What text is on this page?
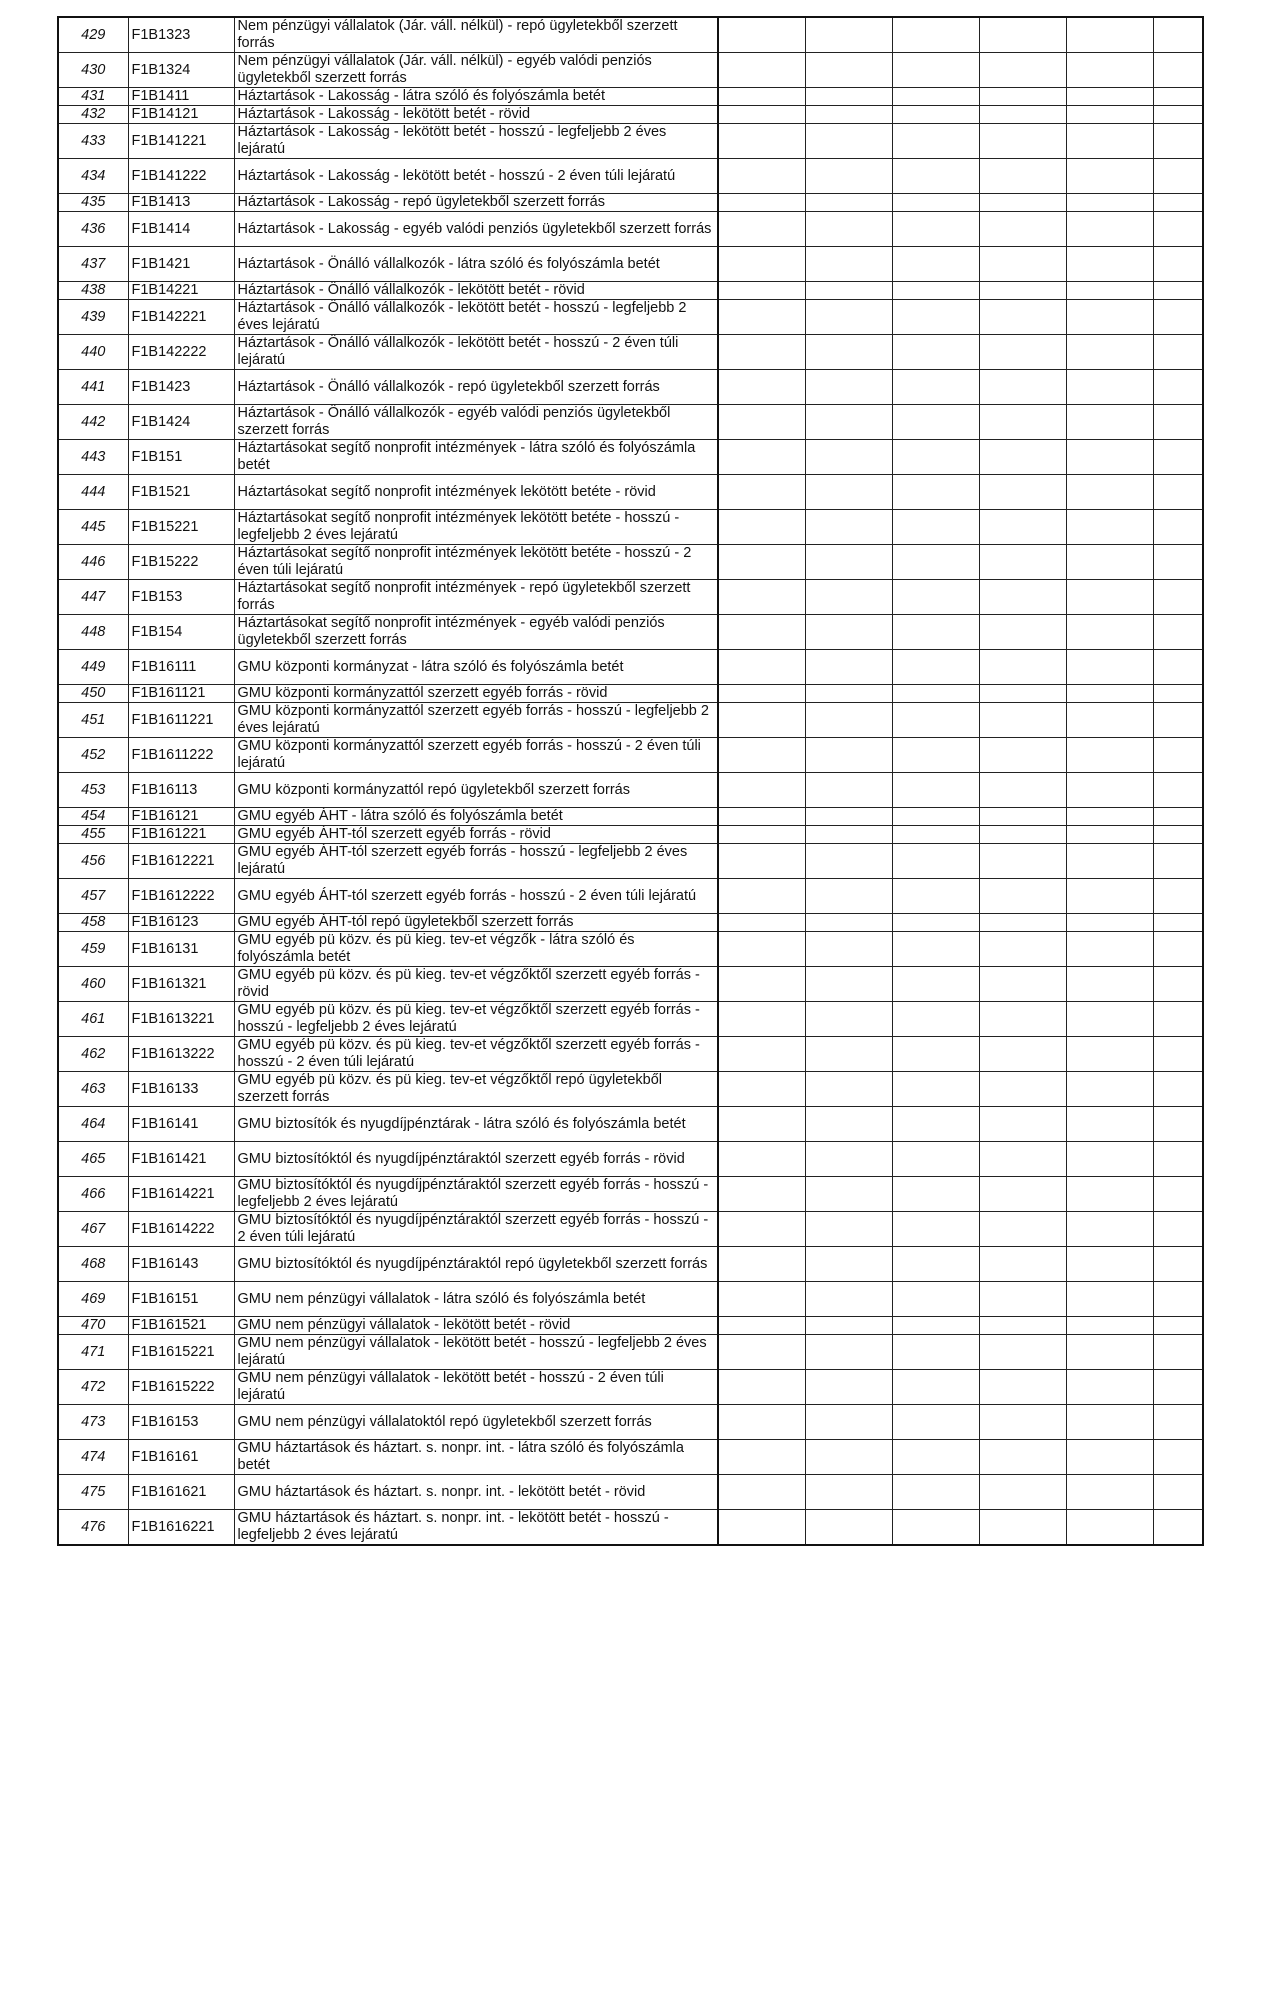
429	F1B1323	Nem pénzügyi vállalatok (Jár. váll. nélkül) - repó ügyletekből szerzett forrás						
430	F1B1324	Nem pénzügyi vállalatok (Jár. váll. nélkül) - egyéb valódi penziós ügyletekből szerzett forrás						
431	F1B1411	Háztartások - Lakosság - látra szóló és folyószámla betét						
432	F1B14121	Háztartások - Lakosság - lekötött betét - rövid						
433	F1B141221	Háztartások - Lakosság - lekötött betét - hosszú - legfeljebb 2 éves lejáratú						
434	F1B141222	Háztartások - Lakosság - lekötött betét - hosszú - 2 éven túli lejáratú						
435	F1B1413	Háztartások - Lakosság - repó ügyletekből szerzett forrás						
436	F1B1414	Háztartások - Lakosság - egyéb valódi penziós ügyletekből szerzett forrás						
437	F1B1421	Háztartások - Önálló vállalkozók - látra szóló és folyószámla betét						
438	F1B14221	Háztartások - Önálló vállalkozók - lekötött betét - rövid						
439	F1B142221	Háztartások - Önálló vállalkozók - lekötött betét - hosszú - legfeljebb 2 éves lejáratú						
440	F1B142222	Háztartások - Önálló vállalkozók - lekötött betét - hosszú - 2 éven túli lejáratú						
441	F1B1423	Háztartások - Önálló vállalkozók - repó ügyletekből szerzett forrás						
442	F1B1424	Háztartások - Önálló vállalkozók - egyéb valódi penziós ügyletekből szerzett forrás						
443	F1B151	Háztartásokat segítő nonprofit intézmények - látra szóló és folyószámla betét						
444	F1B1521	Háztartásokat segítő nonprofit intézmények lekötött betéte - rövid						
445	F1B15221	Háztartásokat segítő nonprofit intézmények lekötött betéte - hosszú - legfeljebb 2 éves lejáratú						
446	F1B15222	Háztartásokat segítő nonprofit intézmények lekötött betéte - hosszú - 2 éven túli lejáratú						
447	F1B153	Háztartásokat segítő nonprofit intézmények - repó ügyletekből szerzett forrás						
448	F1B154	Háztartásokat segítő nonprofit intézmények - egyéb valódi penziós ügyletekből szerzett forrás						
449	F1B16111	GMU központi kormányzat - látra szóló és folyószámla betét						
450	F1B161121	GMU központi kormányzattól szerzett egyéb forrás - rövid						
451	F1B1611221	GMU központi kormányzattól szerzett egyéb forrás - hosszú - legfeljebb 2 éves lejáratú						
452	F1B1611222	GMU központi kormányzattól szerzett egyéb forrás - hosszú - 2 éven túli lejáratú						
453	F1B16113	GMU központi kormányzattól repó ügyletekből szerzett forrás						
454	F1B16121	GMU egyéb ÁHT - látra szóló és folyószámla betét						
455	F1B161221	GMU egyéb ÁHT-tól szerzett egyéb forrás - rövid						
456	F1B1612221	GMU egyéb ÁHT-tól szerzett egyéb forrás - hosszú - legfeljebb 2 éves lejáratú						
457	F1B1612222	GMU egyéb ÁHT-tól szerzett egyéb forrás - hosszú - 2 éven túli lejáratú						
458	F1B16123	GMU egyéb ÁHT-tól repó ügyletekből szerzett forrás						
459	F1B16131	GMU egyéb pü közv. és pü kieg. tev-et végzők - látra szóló és folyószámla betét						
460	F1B161321	GMU egyéb pü közv. és pü kieg. tev-et végzőktől szerzett egyéb forrás - rövid						
461	F1B1613221	GMU egyéb pü közv. és pü kieg. tev-et végzőktől szerzett egyéb forrás - hosszú - legfeljebb 2 éves lejáratú						
462	F1B1613222	GMU egyéb pü közv. és pü kieg. tev-et végzőktől szerzett egyéb forrás - hosszú - 2 éven túli lejáratú						
463	F1B16133	GMU egyéb pü közv. és pü kieg. tev-et végzőktől repó ügyletekből szerzett forrás						
464	F1B16141	GMU biztosítók és nyugdíjpénztárak - látra szóló és folyószámla betét						
465	F1B161421	GMU biztosítóktól és nyugdíjpénztáraktól szerzett egyéb forrás - rövid						
466	F1B1614221	GMU biztosítóktól és nyugdíjpénztáraktól szerzett egyéb forrás - hosszú - legfeljebb 2 éves lejáratú						
467	F1B1614222	GMU biztosítóktól és nyugdíjpénztáraktól szerzett egyéb forrás - hosszú - 2 éven túli lejáratú						
468	F1B16143	GMU biztosítóktól és nyugdíjpénztáraktól repó ügyletekből szerzett forrás						
469	F1B16151	GMU nem pénzügyi vállalatok - látra szóló és folyószámla betét						
470	F1B161521	GMU nem pénzügyi vállalatok - lekötött betét - rövid						
471	F1B1615221	GMU nem pénzügyi vállalatok - lekötött betét - hosszú - legfeljebb 2 éves lejáratú						
472	F1B1615222	GMU nem pénzügyi vállalatok - lekötött betét - hosszú - 2 éven túli lejáratú						
473	F1B16153	GMU nem pénzügyi vállalatoktól repó ügyletekből szerzett forrás						
474	F1B16161	GMU háztartások és háztart. s. nonpr. int. - látra szóló és folyószámla betét						
475	F1B161621	GMU háztartások és háztart. s. nonpr. int. - lekötött betét - rövid						
476	F1B1616221	GMU háztartások és háztart. s. nonpr. int. - lekötött betét - hosszú - legfeljebb 2 éves lejáratú						
